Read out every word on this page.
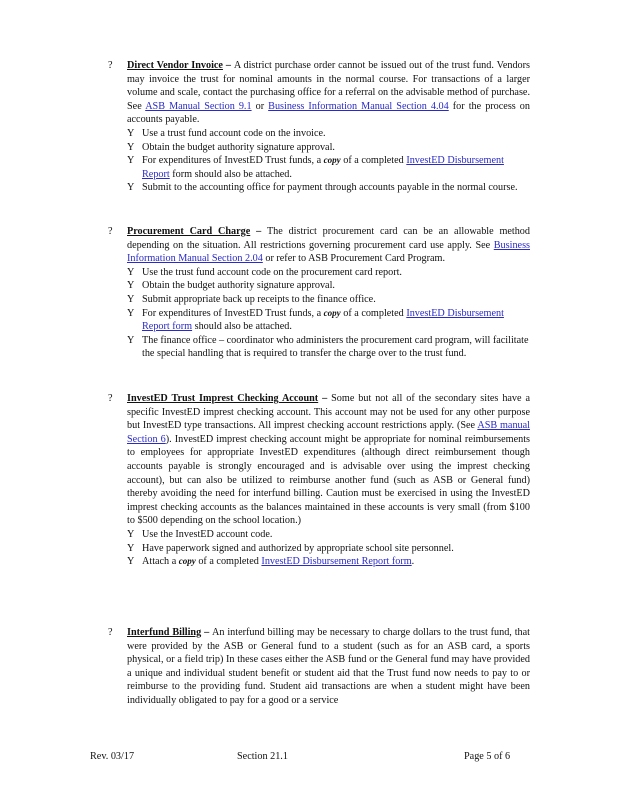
?	Direct Vendor Invoice – A district purchase order cannot be issued out of the trust fund. Vendors may invoice the trust for nominal amounts in the normal course. For transactions of a larger volume and scale, contact the purchasing office for a referral on the advisable method of purchase. See ASB Manual Section 9.1 or Business Information Manual Section 4.04 for the process on accounts payable.

Y Use a trust fund account code on the invoice.
Y Obtain the budget authority signature approval.
Y For expenditures of InvestED Trust funds, a copy of a completed InvestED Disbursement Report form should also be attached.
Y Submit to the accounting office for payment through accounts payable in the normal course.
?	Procurement Card Charge – The district procurement card can be an allowable method depending on the situation. All restrictions governing procurement card use apply. See Business Information Manual Section 2.04 or refer to ASB Procurement Card Program.

Y Use the trust fund account code on the procurement card report.
Y Obtain the budget authority signature approval.
Y Submit appropriate back up receipts to the finance office.
Y For expenditures of InvestED Trust funds, a copy of a completed InvestED Disbursement Report form should also be attached.
Y The finance office – coordinator who administers the procurement card program, will facilitate the special handling that is required to transfer the charge over to the trust fund.
?	InvestED Trust Imprest Checking Account – Some but not all of the secondary sites have a specific InvestED imprest checking account. This account may not be used for any other purpose but InvestED type transactions. All imprest checking account restrictions apply. (See ASB manual Section 6). InvestED imprest checking account might be appropriate for nominal reimbursements to employees for appropriate InvestED expenditures (although direct reimbursement though accounts payable is strongly encouraged and is advisable over using the imprest checking account), but can also be utilized to reimburse another fund (such as ASB or General fund) thereby avoiding the need for interfund billing. Caution must be exercised in using the InvestED imprest checking accounts as the balances maintained in these accounts is very small (from $100 to $500 depending on the school location.)

Y Use the InvestED account code.
Y Have paperwork signed and authorized by appropriate school site personnel.
Y Attach a copy of a completed InvestED Disbursement Report form.
?	Interfund Billing – An interfund billing may be necessary to charge dollars to the trust fund, that were provided by the ASB or General fund to a student (such as for an ASB card, a sports physical, or a field trip) In these cases either the ASB fund or the General fund may have provided a unique and individual student benefit or student aid that the Trust fund now needs to pay to or reimburse to the providing fund. Student aid transactions are when a student might have been individually obligated to pay for a good or a service

Rev. 03/17	Section 21.1	Page 5 of 6
